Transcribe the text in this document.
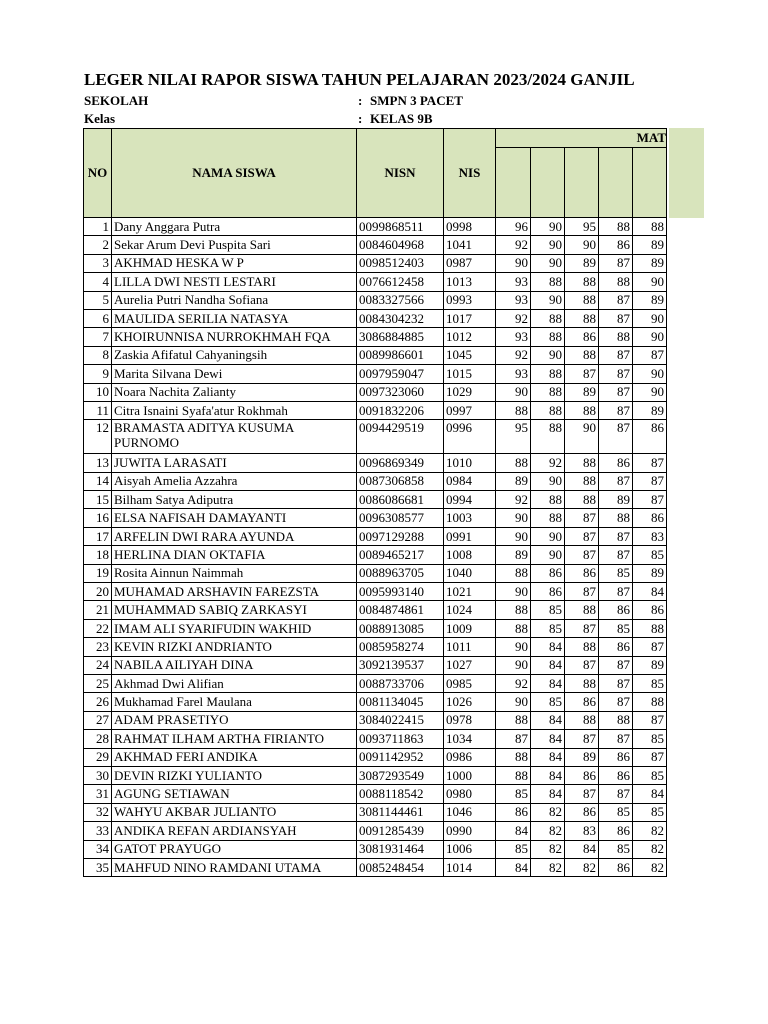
LEGER NILAI RAPOR SISWA TAHUN PELAJARAN 2023/2024 GANJIL
SEKOLAH	: SMPN 3 PACET
Kelas	: KELAS 9B
NO	NAMA SISWA	NISN	NIS	MAT				

1	Dany Anggara Putra	0099868511	0998	96	90	95	88	88
2	Sekar Arum Devi Puspita Sari	0084604968	1041	92	90	90	86	89
3	AKHMAD HESKA W P	0098512403	0987	90	90	89	87	89
4	LILLA DWI NESTI LESTARI	0076612458	1013	93	88	88	88	90
5	Aurelia Putri Nandha Sofiana	0083327566	0993	93	90	88	87	89
6	MAULIDA SERILIA NATASYA	0084304232	1017	92	88	88	87	90
7	KHOIRUNNISA NURROKHMAH FQA	3086884885	1012	93	88	86	88	90
8	Zaskia Afifatul Cahyaningsih	0089986601	1045	92	90	88	87	87
9	Marita Silvana Dewi	0097959047	1015	93	88	87	87	90
10	Noara Nachita Zalianty	0097323060	1029	90	88	89	87	90
11	Citra Isnaini Syafa'atur Rokhmah	0091832206	0997	88	88	88	87	89
12	BRAMASTA ADITYA KUSUMA PURNOMO	0094429519	0996	95	88	90	87	86
13	JUWITA LARASATI	0096869349	1010	88	92	88	86	87
14	Aisyah Amelia Azzahra	0087306858	0984	89	90	88	87	87
15	Bilham Satya Adiputra	0086086681	0994	92	88	88	89	87
16	ELSA NAFISAH DAMAYANTI	0096308577	1003	90	88	87	88	86
17	ARFELIN DWI RARA AYUNDA	0097129288	0991	90	90	87	87	83
18	HERLINA DIAN OKTAFIA	0089465217	1008	89	90	87	87	85
19	Rosita Ainnun Naimmah	0088963705	1040	88	86	86	85	89
20	MUHAMAD ARSHAVIN FAREZSTA	0095993140	1021	90	86	87	87	84
21	MUHAMMAD SABIQ ZARKASYI	0084874861	1024	88	85	88	86	86
22	IMAM ALI SYARIFUDIN WAKHID	0088913085	1009	88	85	87	85	88
23	KEVIN RIZKI ANDRIANTO	0085958274	1011	90	84	88	86	87
24	NABILA AILIYAH DINA	3092139537	1027	90	84	87	87	89
25	Akhmad Dwi Alifian	0088733706	0985	92	84	88	87	85
26	Mukhamad Farel Maulana	0081134045	1026	90	85	86	87	88
27	ADAM PRASETIYO	3084022415	0978	88	84	88	88	87
28	RAHMAT ILHAM ARTHA FIRIANTO	0093711863	1034	87	84	87	87	85
29	AKHMAD FERI ANDIKA	0091142952	0986	88	84	89	86	87
30	DEVIN RIZKI YULIANTO	3087293549	1000	88	84	86	86	85
31	AGUNG SETIAWAN	0088118542	0980	85	84	87	87	84
32	WAHYU AKBAR JULIANTO	3081144461	1046	86	82	86	85	85
33	ANDIKA REFAN ARDIANSYAH	0091285439	0990	84	82	83	86	82
34	GATOT PRAYUGO	3081931464	1006	85	82	84	85	82
35	MAHFUD NINO RAMDANI UTAMA	0085248454	1014	84	82	82	86	82
